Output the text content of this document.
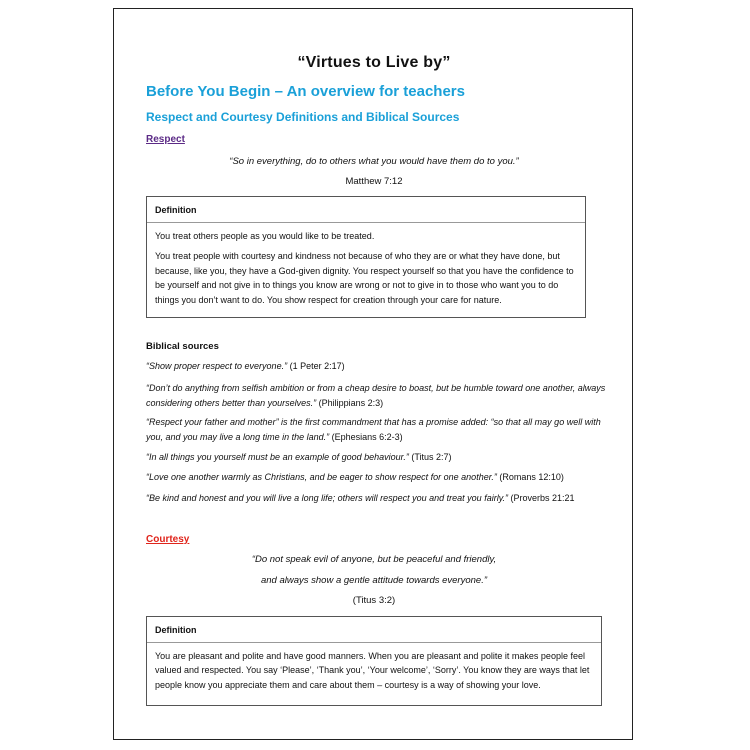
“Virtues to Live by”
Before You Begin – An overview for teachers
Respect and Courtesy Definitions and Biblical Sources
Respect
“So in everything, do to others what you would have them do to you.”
Matthew 7:12
Definition

You treat others people as you would like to be treated.

You treat people with courtesy and kindness not because of who they are or what they have done, but because, like you, they have a God-given dignity. You respect yourself so that you have the confidence to be yourself and not give in to things you know are wrong or not to give in to those who want you to do things you don’t want to do. You show respect for creation through your care for nature.

Biblical sources
“Show proper respect to everyone.” (1 Peter 2:17)
“Don’t do anything from selfish ambition or from a cheap desire to boast, but be humble toward one another, always considering others better than yourselves.” (Philippians 2:3)
“Respect your father and mother” is the first commandment that has a promise added: “so that all may go well with you, and you may live a long time in the land.” (Ephesians 6:2-3)
“In all things you yourself must be an example of good behaviour.” (Titus 2:7)
“Love one another warmly as Christians, and be eager to show respect for one another.” (Romans 12:10)
“Be kind and honest and you will live a long life; others will respect you and treat you fairly.” (Proverbs 21:21
Courtesy
“Do not speak evil of anyone, but be peaceful and friendly,
and always show a gentle attitude towards everyone.”
(Titus 3:2)
Definition

You are pleasant and polite and have good manners. When you are pleasant and polite it makes people feel valued and respected. You say ‘Please’, ‘Thank you’, ‘Your welcome’, ‘Sorry’. You know they are ways that let people know you appreciate them and care about them – courtesy is a way of showing your love.
